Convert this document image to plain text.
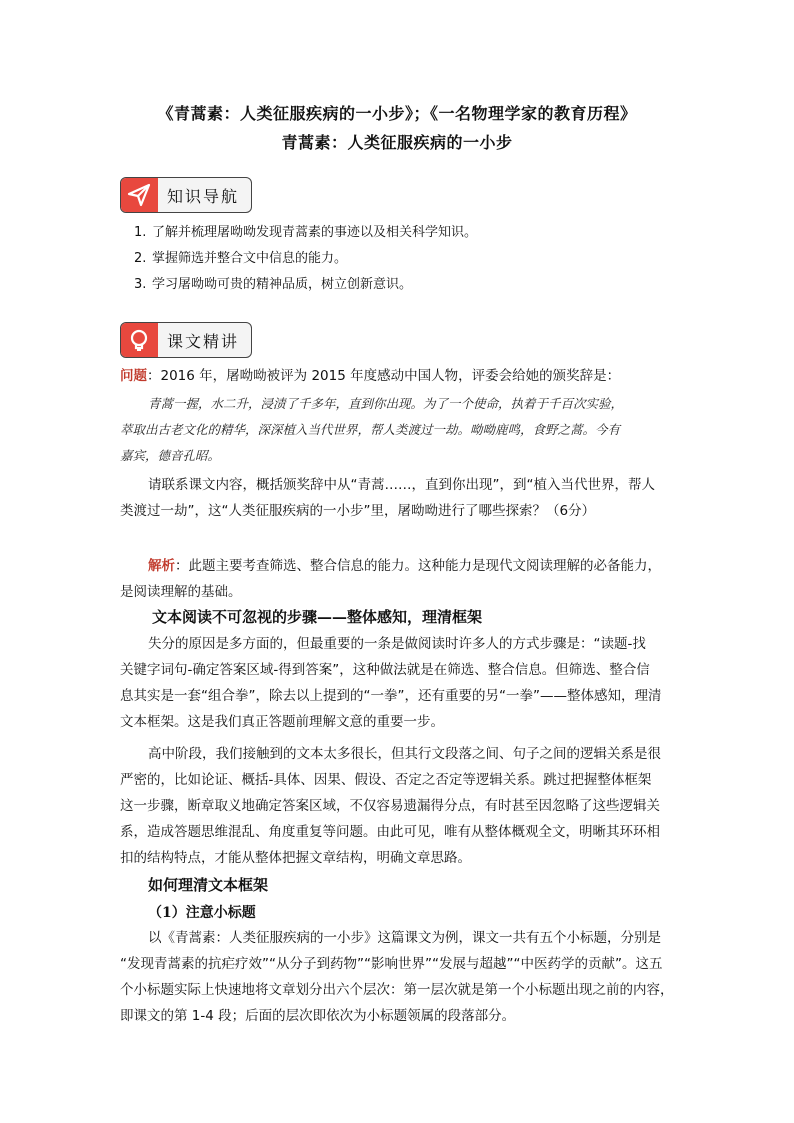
《青蒿素：人类征服疾病的一小步》；《一名物理学家的教育历程》
青蒿素：人类征服疾病的一小步
知识导航
1. 了解并梳理屠呦呦发现青蒿素的事迹以及相关科学知识。
2. 掌握筛选并整合文中信息的能力。
3. 学习屠呦呦可贵的精神品质，树立创新意识。
课文精讲
问题：2016 年，屠呦呦被评为 2015 年度感动中国人物，评委会给她的颁奖辞是：
青蒿一握，水二升，浸渍了千多年，直到你出现。为了一个使命，执着于千百次实验，
萃取出古老文化的精华，深深植入当代世界，帮人类渡过一劫。呦呦鹿鸣，食野之蒿。今有
嘉宾，德音孔昭。
请联系课文内容，概括颁奖辞中从“青蒿……，直到你出现”，到“植入当代世界，帮人
类渡过一劫”，这“人类征服疾病的一小步”里，屠呦呦进行了哪些探索？（6分）
解析：此题主要考查筛选、整合信息的能力。这种能力是现代文阅读理解的必备能力，
是阅读理解的基础。
文本阅读不可忽视的步骤——整体感知，理清框架
失分的原因是多方面的，但最重要的一条是做阅读时许多人的方式步骤是：“读题-找
关键字词句-确定答案区域-得到答案”，这种做法就是在筛选、整合信息。但筛选、整合信
息其实是一套“组合拳”，除去以上提到的“一拳”，还有重要的另“一拳”——整体感知，理清
文本框架。这是我们真正答题前理解文意的重要一步。
高中阶段，我们接触到的文本太多很长，但其行文段落之间、句子之间的逻辑关系是很
严密的，比如论证、概括-具体、因果、假设、否定之否定等逻辑关系。跳过把握整体框架
这一步骤，断章取义地确定答案区域，不仅容易遗漏得分点，有时甚至因忽略了这些逻辑关
系，造成答题思维混乱、角度重复等问题。由此可见，唯有从整体概观全文，明晰其环环相
扣的结构特点，才能从整体把握文章结构，明确文章思路。
如何理清文本框架
（1）注意小标题
以《青蒿素：人类征服疾病的一小步》这篇课文为例，课文一共有五个小标题，分别是
“发现青蒿素的抗疟疗效”“从分子到药物”“影响世界”“发展与超越”“中医药学的贡献”。这五
个小标题实际上快速地将文章划分出六个层次：第一层次就是第一个小标题出现之前的内容，
即课文的第 1-4 段；后面的层次即依次为小标题领属的段落部分。
